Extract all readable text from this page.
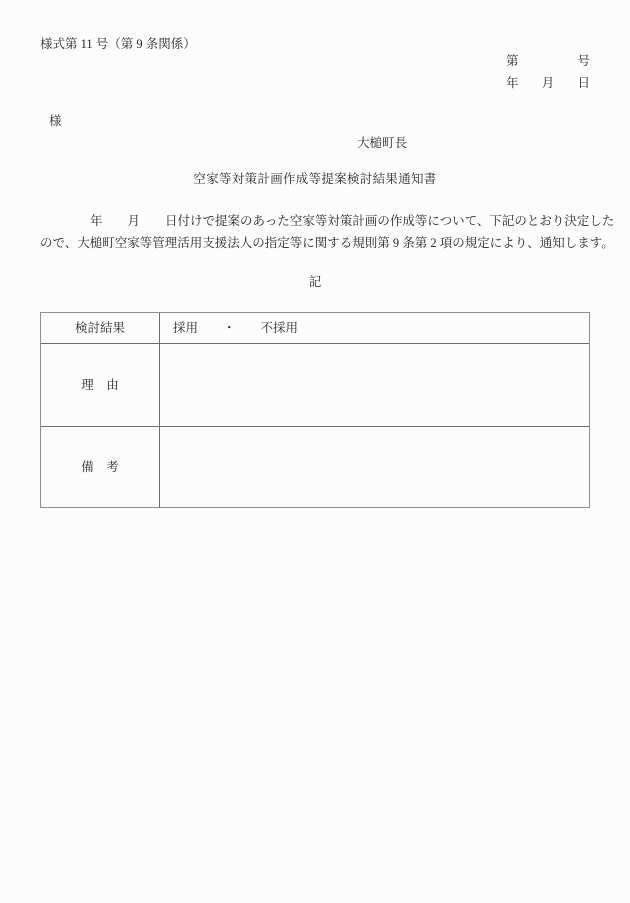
様式第 11 号（第 9 条関係）
第	号
年 月 日
様
大槌町長
空家等対策計画作成等提案検討結果通知書
　　　　年　　月　　日付けで提案のあった空家等対策計画の作成等について、下記のとおり決定した
ので、大槌町空家等管理活用支援法人の指定等に関する規則第 9 条第 2 項の規定により、通知します。
記
検討結果	採用　　・　　不採用
理　由
備　考
